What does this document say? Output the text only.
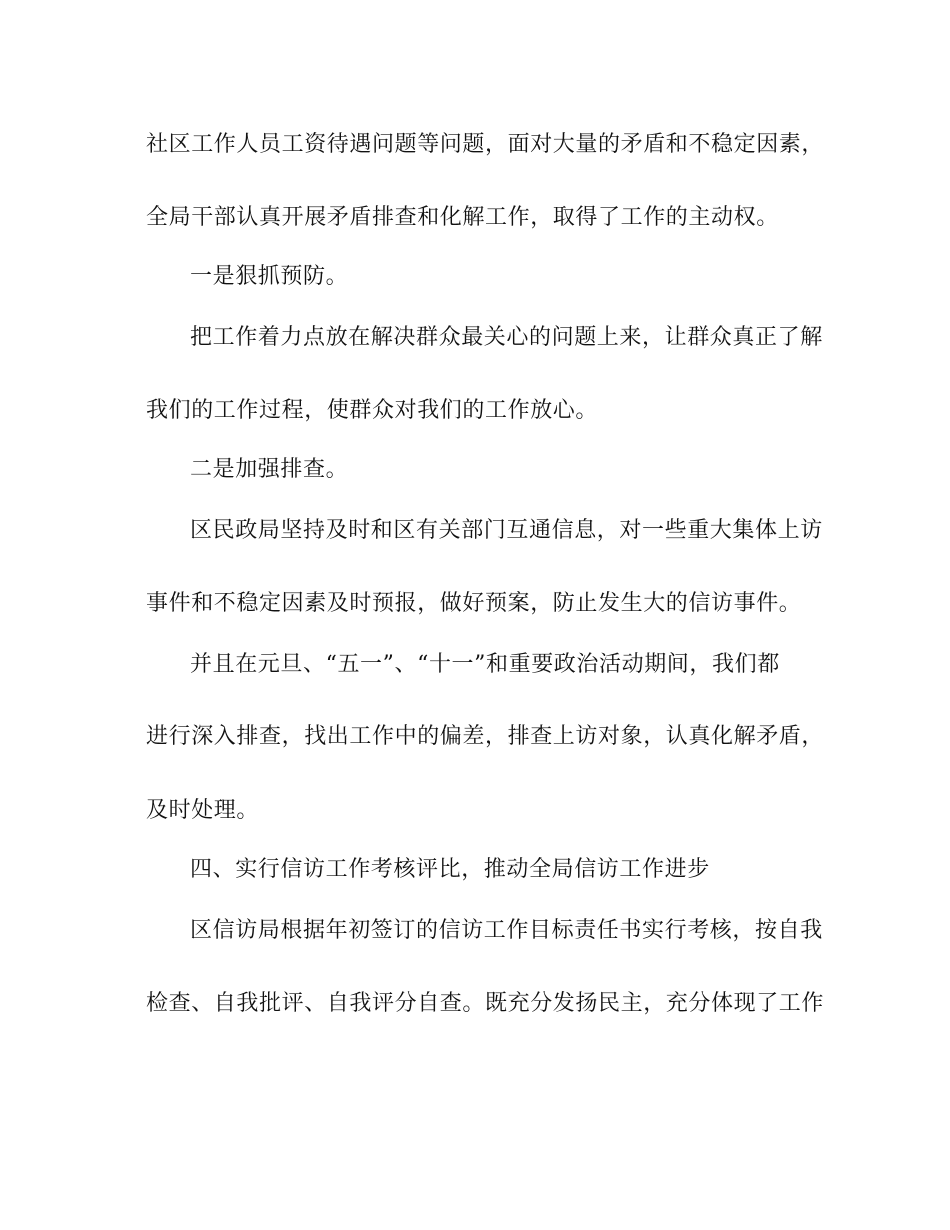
社区工作人员工资待遇问题等问题，面对大量的矛盾和不稳定因素，
全局干部认真开展矛盾排查和化解工作，取得了工作的主动权。
一是狠抓预防。
把工作着力点放在解决群众最关心的问题上来，让群众真正了解
我们的工作过程，使群众对我们的工作放心。
二是加强排查。
区民政局坚持及时和区有关部门互通信息，对一些重大集体上访
事件和不稳定因素及时预报，做好预案，防止发生大的信访事件。
并且在元旦、“五一”、“十一”和重要政治活动期间，我们都
进行深入排查，找出工作中的偏差，排查上访对象，认真化解矛盾，
及时处理。
四、实行信访工作考核评比，推动全局信访工作进步
区信访局根据年初签订的信访工作目标责任书实行考核，按自我
检查、自我批评、自我评分自查。既充分发扬民主，充分体现了工作
